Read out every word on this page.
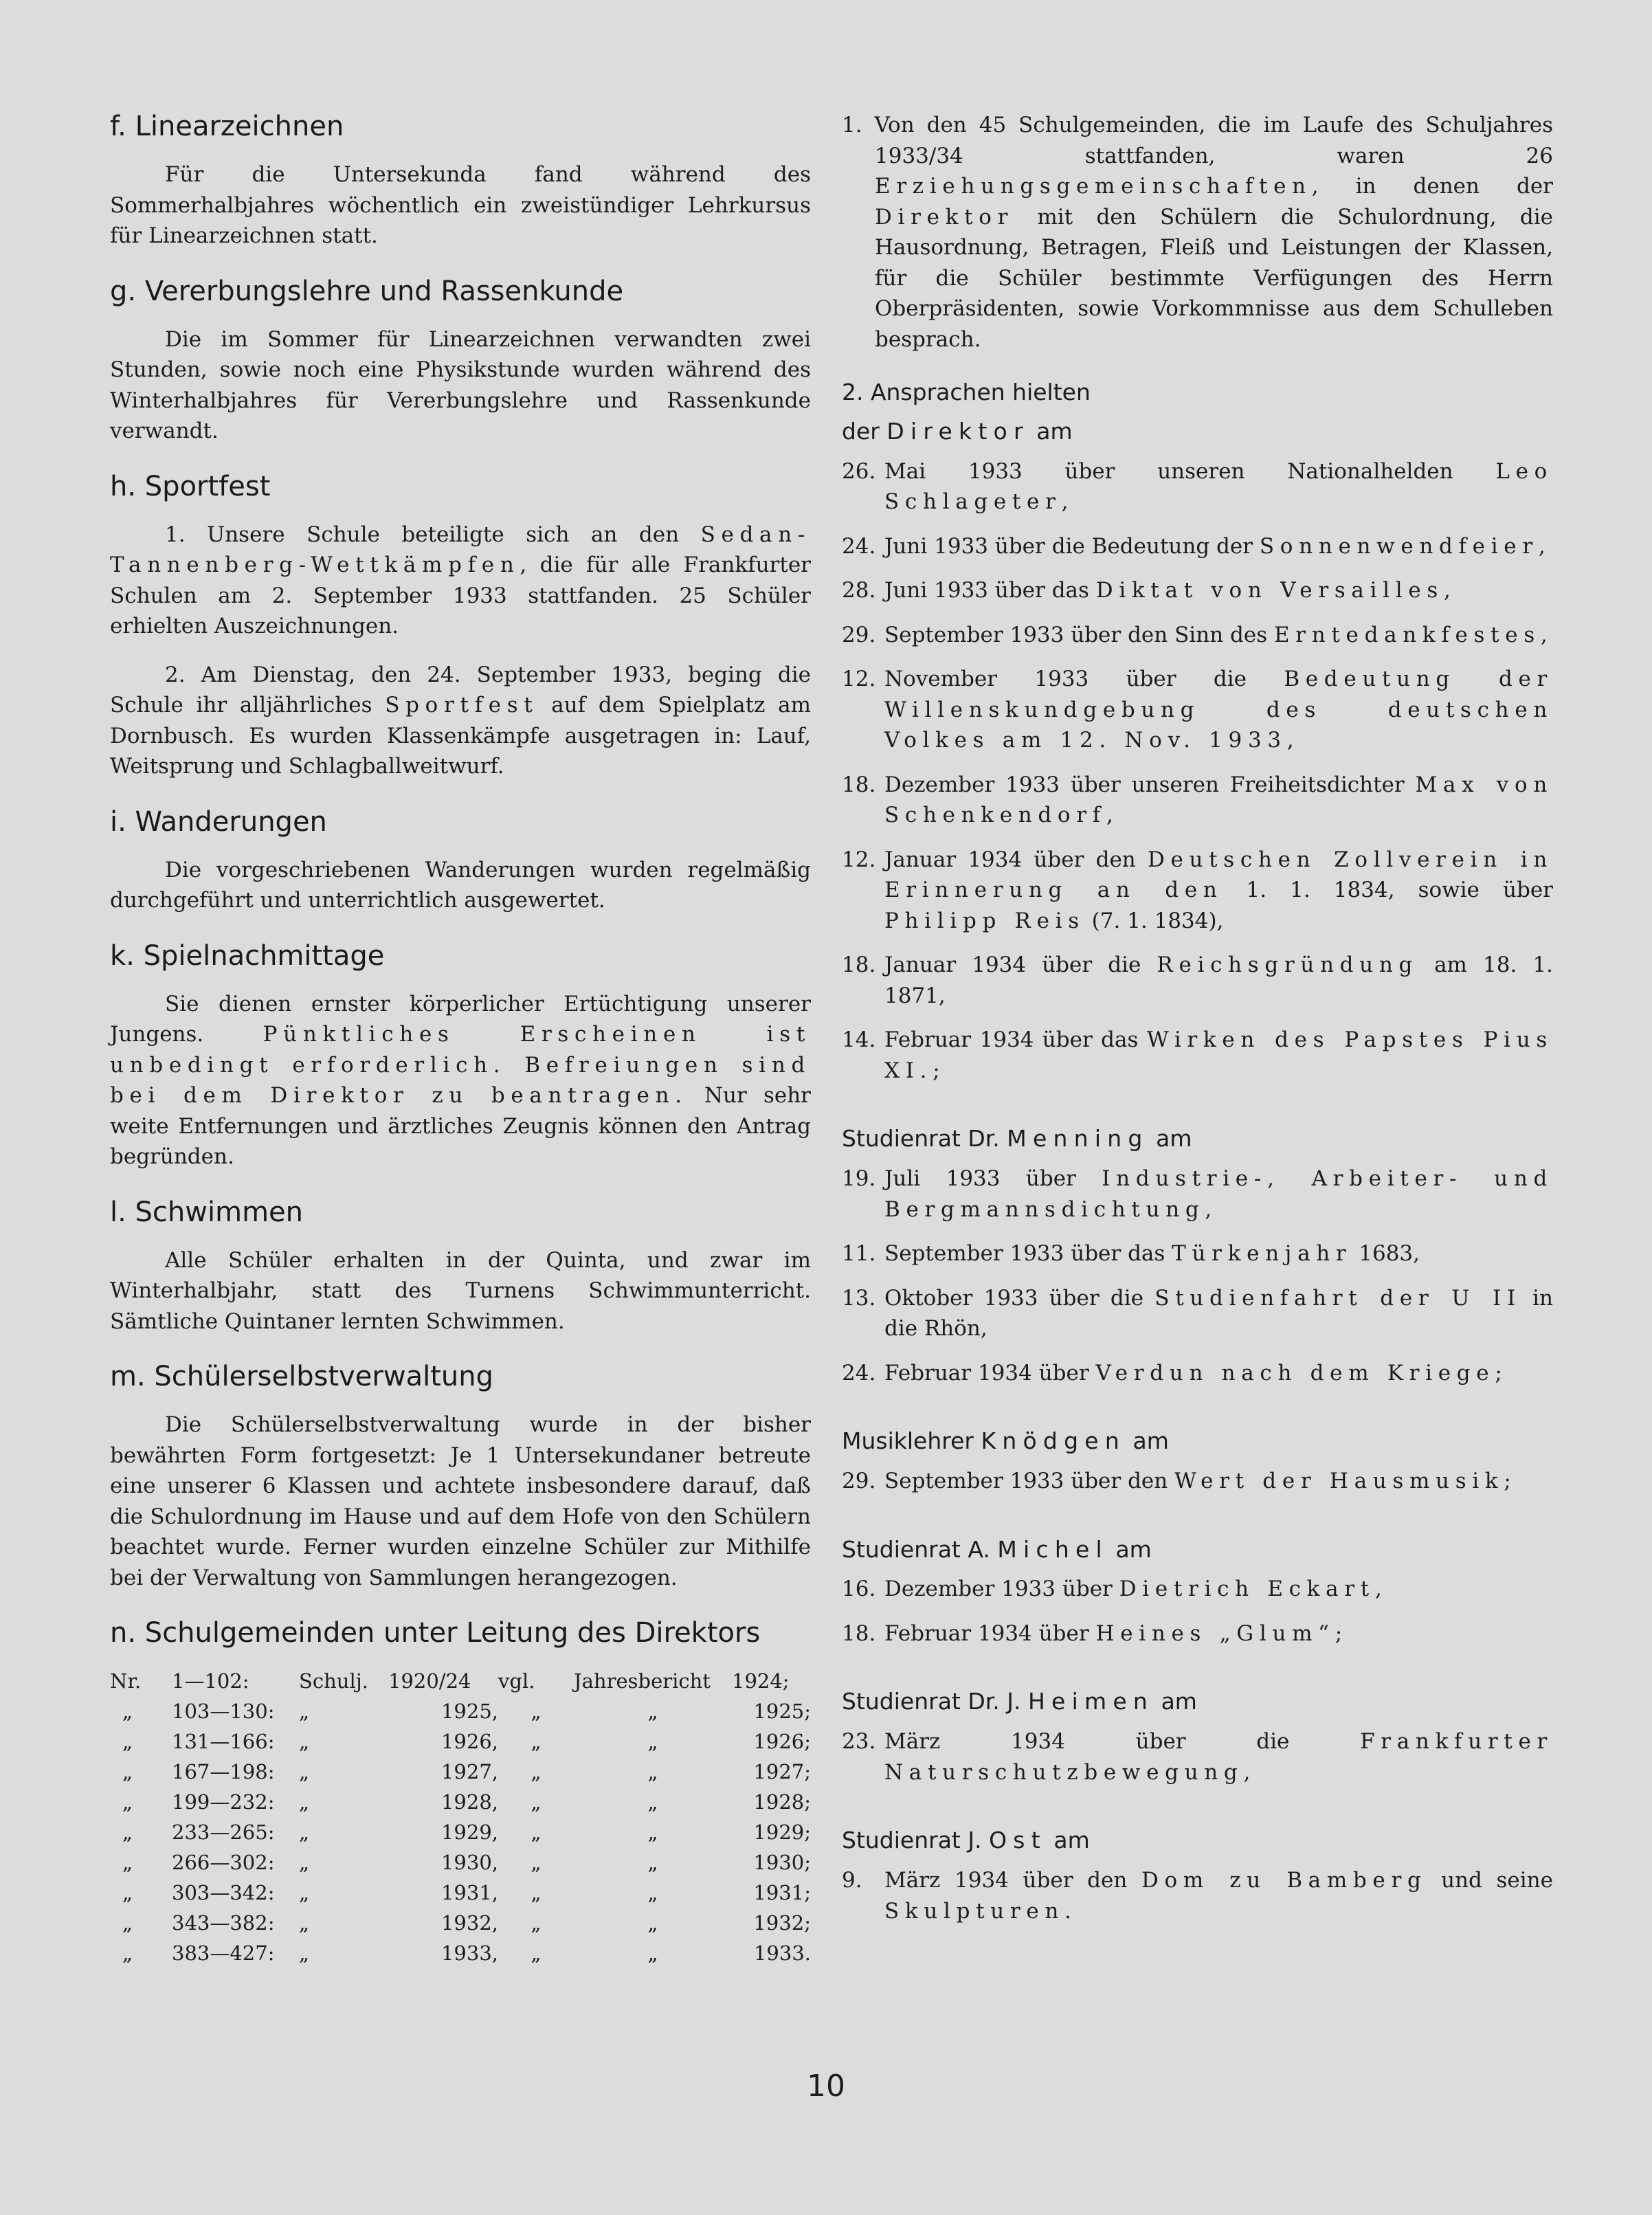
f. Linearzeichnen

Für die Untersekunda fand während des Sommerhalbjahres wöchentlich ein zweistündiger Lehrkursus für Linearzeichnen statt.

g. Vererbungslehre und Rassenkunde

Die im Sommer für Linearzeichnen verwandten zwei Stunden, sowie noch eine Physikstunde wurden während des Winterhalbjahres für Vererbungslehre und Rassenkunde verwandt.

h. Sportfest

1. Unsere Schule beteiligte sich an den Sedan-Tannenberg-Wettkämpfen, die für alle Frankfurter Schulen am 2. September 1933 stattfanden. 25 Schüler erhielten Auszeichnungen.

2. Am Dienstag, den 24. September 1933, beging die Schule ihr alljährliches Sportfest auf dem Spielplatz am Dornbusch. Es wurden Klassenkämpfe ausgetragen in: Lauf, Weitsprung und Schlagballweitwurf.

i. Wanderungen

Die vorgeschriebenen Wanderungen wurden regelmäßig durchgeführt und unterrichtlich ausgewertet.

k. Spielnachmittage

Sie dienen ernster körperlicher Ertüchtigung unserer Jungens. Pünktliches Erscheinen ist unbedingt erforderlich. Befreiungen sind bei dem Direktor zu beantragen. Nur sehr weite Entfernungen und ärztliches Zeugnis können den Antrag begründen.

l. Schwimmen

Alle Schüler erhalten in der Quinta, und zwar im Winterhalbjahr, statt des Turnens Schwimmunterricht. Sämtliche Quintaner lernten Schwimmen.

m. Schülerselbstverwaltung

Die Schülerselbstverwaltung wurde in der bisher bewährten Form fortgesetzt: Je 1 Untersekundaner betreute eine unserer 6 Klassen und achtete insbesondere darauf, daß die Schulordnung im Hause und auf dem Hofe von den Schülern beachtet wurde. Ferner wurden einzelne Schüler zur Mithilfe bei der Verwaltung von Sammlungen herangezogen.

n. Schulgemeinden unter Leitung des Direktors
Nr.	1—102:	Schulj.	1920/24	vgl.	Jahresbericht	1924;
„	103—130:	„	1925,	„	„	1925;
„	131—166:	„	1926,	„	„	1926;
„	167—198:	„	1927,	„	„	1927;
„	199—232:	„	1928,	„	„	1928;
„	233—265:	„	1929,	„	„	1929;
„	266—302:	„	1930,	„	„	1930;
„	303—342:	„	1931,	„	„	1931;
„	343—382:	„	1932,	„	„	1932;
„	383—427:	„	1933,	„	„	1933.

1. Von den 45 Schulgemeinden, die im Laufe des Schuljahres 1933/34 stattfanden, waren 26 Erziehungsgemeinschaften, in denen der Direktor mit den Schülern die Schulordnung, die Hausordnung, Betragen, Fleiß und Leistungen der Klassen, für die Schüler bestimmte Verfügungen des Herrn Oberpräsidenten, sowie Vorkommnisse aus dem Schulleben besprach.

2. Ansprachen hielten
der Direktor am
26. Mai 1933 über unseren Nationalhelden Leo Schlageter,
24. Juni 1933 über die Bedeutung der Sonnenwendfeier,
28. Juni 1933 über das Diktat von Versailles,
29. September 1933 über den Sinn des Erntedankfestes,
12. November 1933 über die Bedeutung der Willenskundgebung des deutschen Volkes am 12. Nov. 1933,
18. Dezember 1933 über unseren Freiheitsdichter Max von Schenkendorf,
12. Januar 1934 über den Deutschen Zollverein in Erinnerung an den 1. 1. 1834, sowie über Philipp Reis (7. 1. 1834),
18. Januar 1934 über die Reichsgründung am 18. 1. 1871,
14. Februar 1934 über das Wirken des Papstes Pius XI.;
Studienrat Dr. Menning am
19. Juli 1933 über Industrie-, Arbeiter- und Bergmannsdichtung,
11. September 1933 über das Türkenjahr 1683,
13. Oktober 1933 über die Studienfahrt der U II in die Rhön,
24. Februar 1934 über Verdun nach dem Kriege;
Musiklehrer Knödgen am
29. September 1933 über den Wert der Hausmusik;
Studienrat A. Michel am
16. Dezember 1933 über Dietrich Eckart,
18. Februar 1934 über Heines „Glum“;
Studienrat Dr. J. Heimen am
23. März 1934 über die Frankfurter Naturschutzbewegung,
Studienrat J. Ost am
9.	März 1934 über den Dom zu Bamberg und seine Skulpturen.
10
